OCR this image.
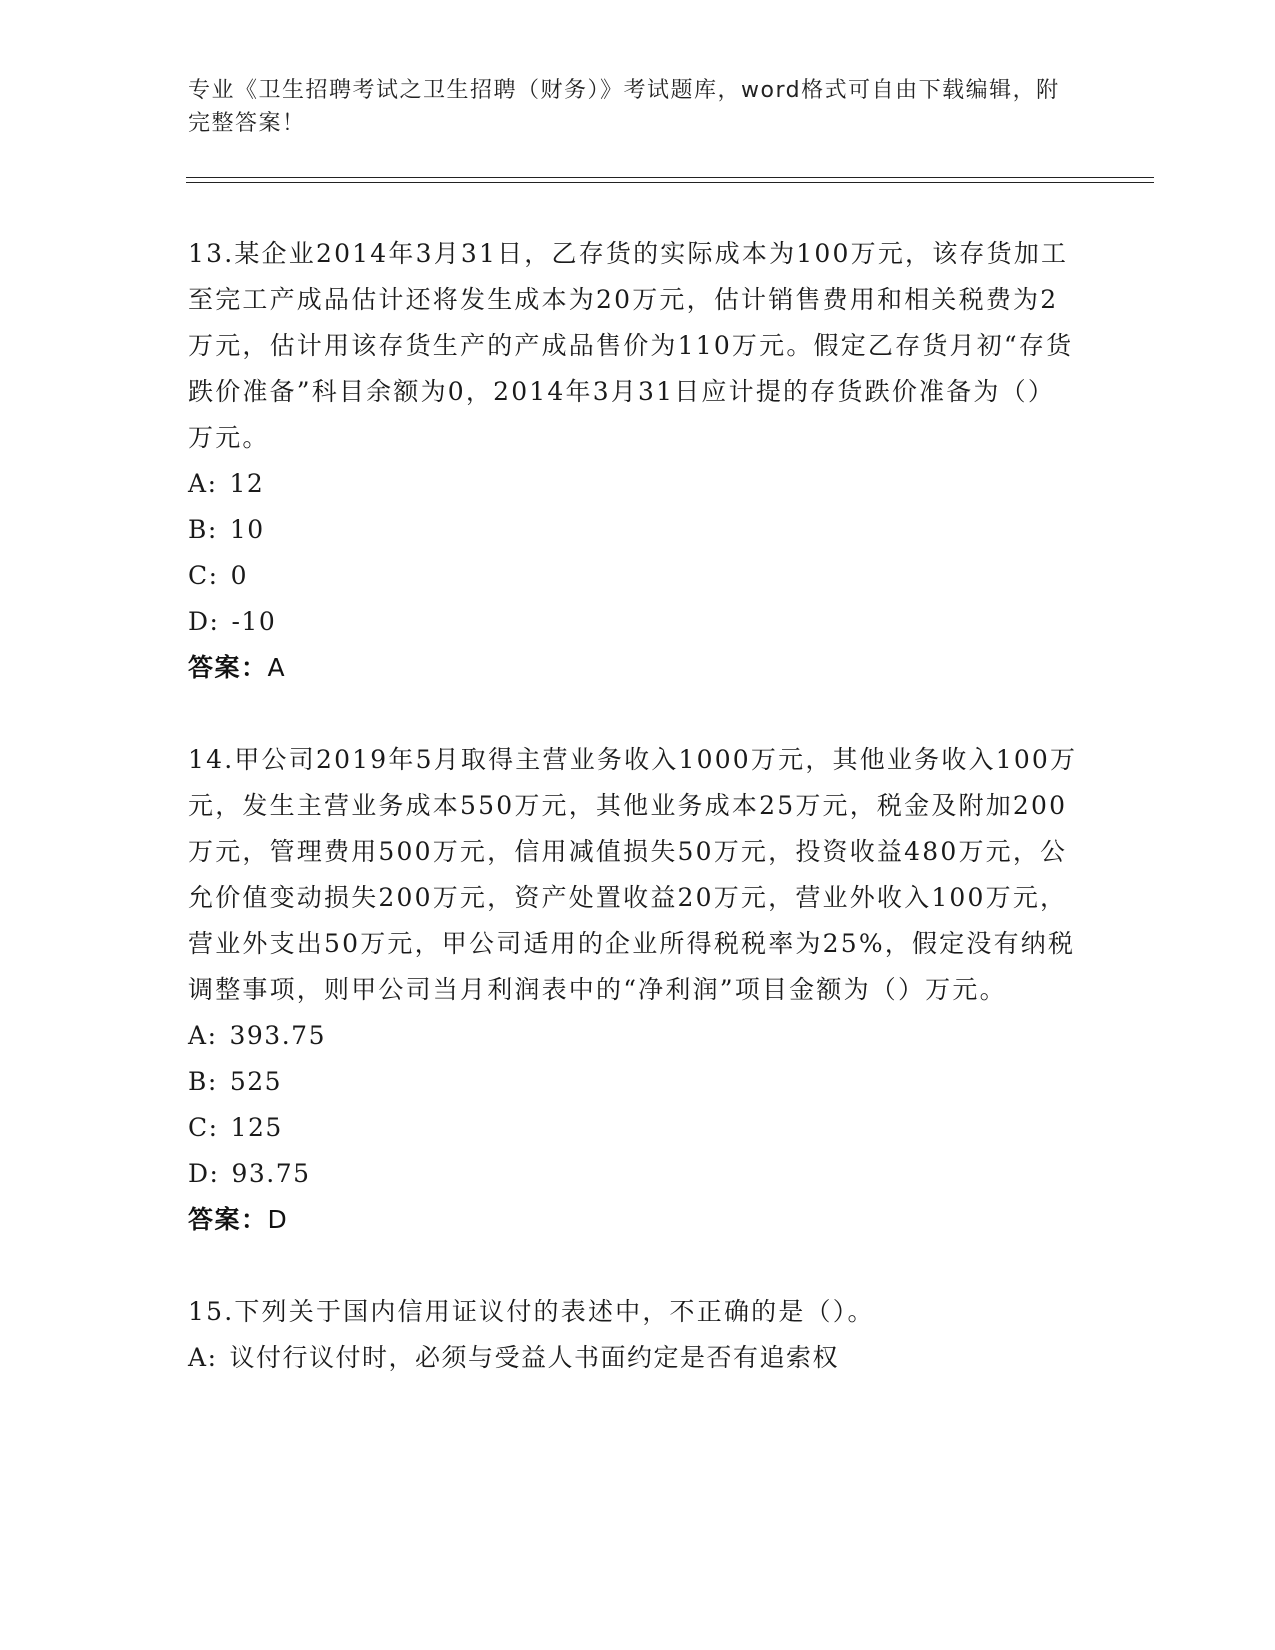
专业《卫生招聘考试之卫生招聘（财务）》考试题库，word格式可自由下载编辑，附完整答案！

13.某企业2014年3月31日，乙存货的实际成本为100万元，该存货加工至完工产成品估计还将发生成本为20万元，估计销售费用和相关税费为2万元，估计用该存货生产的产成品售价为110万元。假定乙存货月初“存货跌价准备”科目余额为0，2014年3月31日应计提的存货跌价准备为（）万元。

A: 12
B: 10
C: 0
D: -10
答案：A

14.甲公司2019年5月取得主营业务收入1000万元，其他业务收入100万元，发生主营业务成本550万元，其他业务成本25万元，税金及附加200万元，管理费用500万元，信用减值损失50万元，投资收益480万元，公允价值变动损失200万元，资产处置收益20万元，营业外收入100万元，营业外支出50万元，甲公司适用的企业所得税税率为25%，假定没有纳税调整事项，则甲公司当月利润表中的“净利润”项目金额为（）万元。

A: 393.75
B: 525
C: 125
D: 93.75
答案：D

15.下列关于国内信用证议付的表述中，不正确的是（）。

A: 议付行议付时，必须与受益人书面约定是否有追索权
